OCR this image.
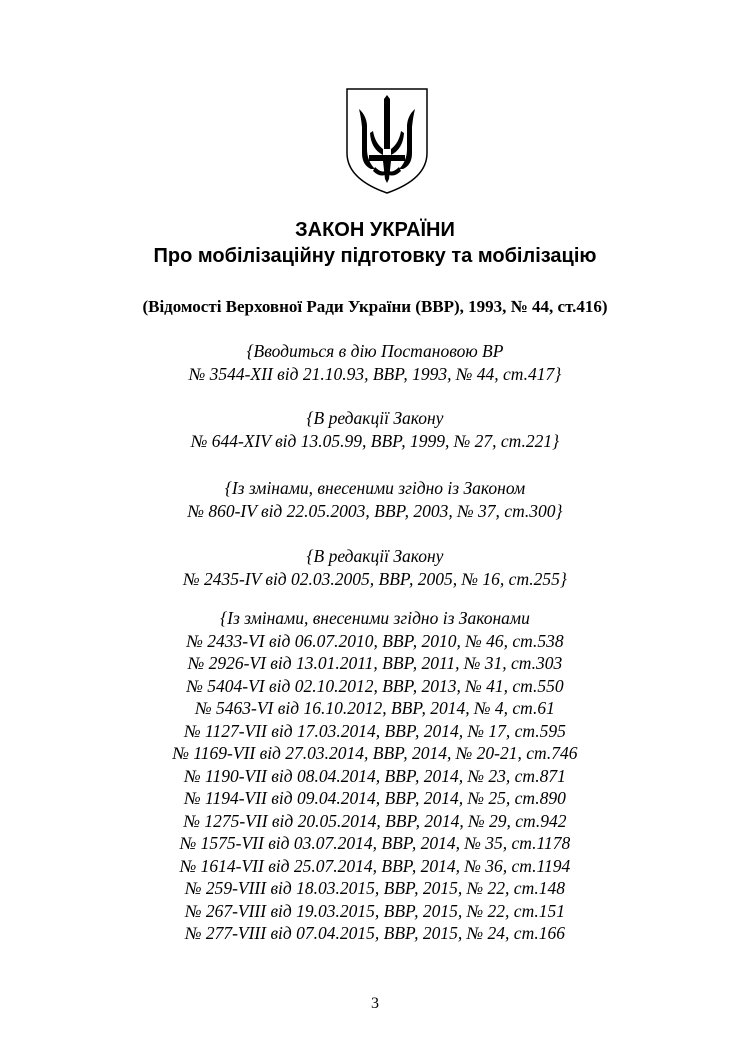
ЗАКОН УКРАЇНИ
Про мобілізаційну підготовку та мобілізацію
(Відомості Верховної Ради України (ВВР), 1993, № 44, ст.416)
{Вводиться в дію Постановою ВР
№ 3544-XII від 21.10.93, ВВР, 1993, № 44, ст.417}
{В редакції Закону
№ 644-XIV від 13.05.99, ВВР, 1999, № 27, ст.221}
{Із змінами, внесеними згідно із Законом
№ 860-IV від 22.05.2003, ВВР, 2003, № 37, ст.300}
{В редакції Закону
№ 2435-IV від 02.03.2005, ВВР, 2005, № 16, ст.255}
{Із змінами, внесеними згідно із Законами
№ 2433-VI від 06.07.2010, ВВР, 2010, № 46, ст.538
№ 2926-VI від 13.01.2011, ВВР, 2011, № 31, ст.303
№ 5404-VI від 02.10.2012, ВВР, 2013, № 41, ст.550
№ 5463-VI від 16.10.2012, ВВР, 2014, № 4, ст.61
№ 1127-VII від 17.03.2014, ВВР, 2014, № 17, ст.595
№ 1169-VII від 27.03.2014, ВВР, 2014, № 20-21, ст.746
№ 1190-VII від 08.04.2014, ВВР, 2014, № 23, ст.871
№ 1194-VII від 09.04.2014, ВВР, 2014, № 25, ст.890
№ 1275-VII від 20.05.2014, ВВР, 2014, № 29, ст.942
№ 1575-VII від 03.07.2014, ВВР, 2014, № 35, ст.1178
№ 1614-VII від 25.07.2014, ВВР, 2014, № 36, ст.1194
№ 259-VIII від 18.03.2015, ВВР, 2015, № 22, ст.148
№ 267-VIII від 19.03.2015, ВВР, 2015, № 22, ст.151
№ 277-VIII від 07.04.2015, ВВР, 2015, № 24, ст.166
3
